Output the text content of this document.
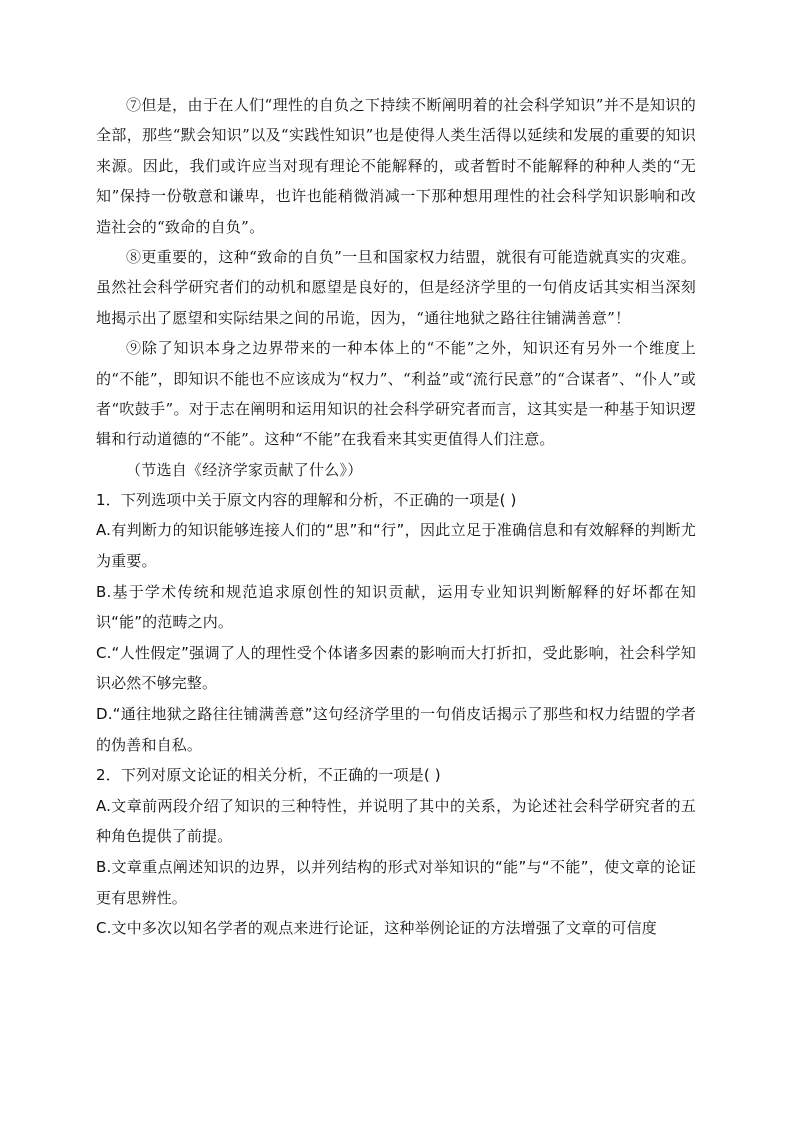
⑦但是，由于在人们“理性的自负之下持续不断阐明着的社会科学知识”并不是知识的全部，那些“默会知识”以及“实践性知识”也是使得人类生活得以延续和发展的重要的知识来源。因此，我们或许应当对现有理论不能解释的，或者暂时不能解释的种种人类的“无知”保持一份敬意和谦卑，也许也能稍微消减一下那种想用理性的社会科学知识影响和改造社会的“致命的自负”。

⑧更重要的，这种“致命的自负”一旦和国家权力结盟，就很有可能造就真实的灾难。虽然社会科学研究者们的动机和愿望是良好的，但是经济学里的一句俏皮话其实相当深刻地揭示出了愿望和实际结果之间的吊诡，因为，“通往地狱之路往往铺满善意”！

⑨除了知识本身之边界带来的一种本体上的“不能”之外，知识还有另外一个维度上的“不能”，即知识不能也不应该成为“权力”、“利益”或“流行民意”的“合谋者”、“仆人”或者“吹鼓手”。对于志在阐明和运用知识的社会科学研究者而言，这其实是一种基于知识逻辑和行动道德的“不能”。这种“不能”在我看来其实更值得人们注意。

（节选自《经济学家贡献了什么》）

1．下列选项中关于原文内容的理解和分析，不正确的一项是( )

A.有判断力的知识能够连接人们的“思”和“行”，因此立足于准确信息和有效解释的判断尤为重要。

B.基于学术传统和规范追求原创性的知识贡献，运用专业知识判断解释的好坏都在知识“能”的范畴之内。

C.“人性假定”强调了人的理性受个体诸多因素的影响而大打折扣，受此影响，社会科学知识必然不够完整。

D.“通往地狱之路往往铺满善意”这句经济学里的一句俏皮话揭示了那些和权力结盟的学者的伪善和自私。

2．下列对原文论证的相关分析，不正确的一项是( )

A.文章前两段介绍了知识的三种特性，并说明了其中的关系，为论述社会科学研究者的五种角色提供了前提。

B.文章重点阐述知识的边界，以并列结构的形式对举知识的“能”与“不能”，使文章的论证更有思辨性。

C.文中多次以知名学者的观点来进行论证，这种举例论证的方法增强了文章的可信度
